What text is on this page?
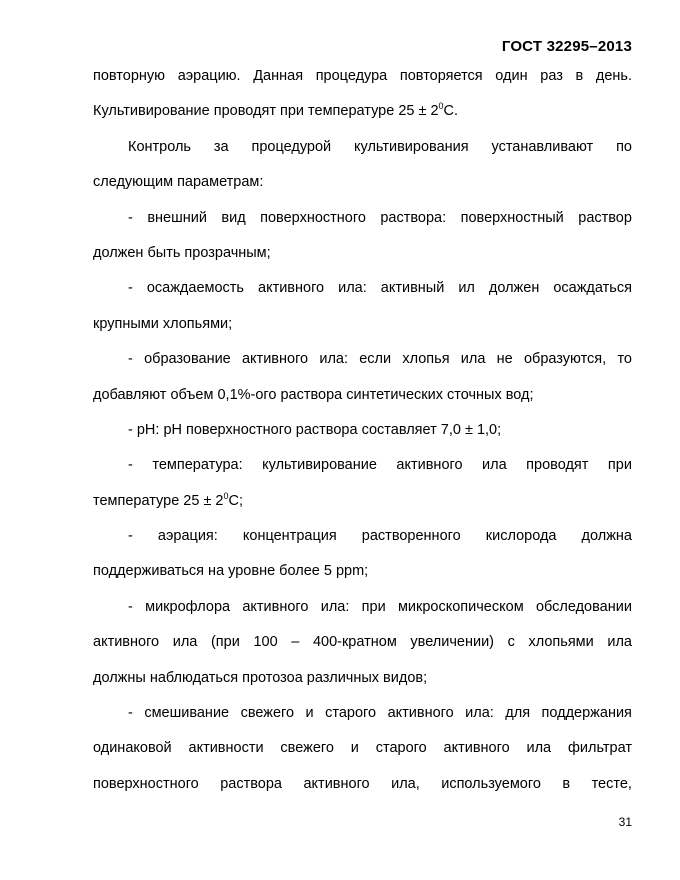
ГОСТ 32295–2013
повторную аэрацию. Данная процедура повторяется один раз в день.
Культивирование проводят при температуре $25 \pm 2^0С$.
Контроль за процедурой культивирования устанавливают по
следующим параметрам:
- внешний вид поверхностного раствора: поверхностный раствор
должен быть прозрачным;
- осаждаемость активного ила: активный ил должен осаждаться
крупными хлопьями;
- образование активного ила: если хлопья ила не образуются, то
добавляют объем 0,1%-ого раствора синтетических сточных вод;
- рН: рН поверхностного раствора составляет 7,0 ± 1,0;
- температура: культивирование активного ила проводят при
температуре $25 \pm 2^0С$;
- аэрация: концентрация растворенного кислорода должна
поддерживаться на уровне более 5 ppm;
- микрофлора активного ила: при микроскопическом обследовании
активного ила (при 100 – 400-кратном увеличении) с хлопьями ила
должны наблюдаться протозоа различных видов;
- смешивание свежего и старого активного ила: для поддержания
одинаковой активности свежего и старого активного ила фильтрат
поверхностного раствора активного ила, используемого в тесте,
31
